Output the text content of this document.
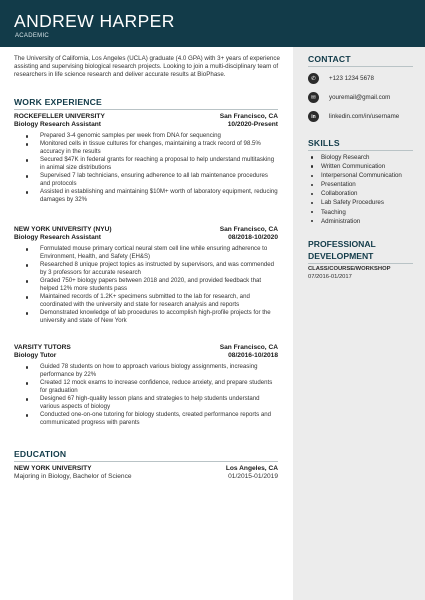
ANDREW HARPER
ACADEMIC
The University of California, Los Angeles (UCLA) graduate (4.0 GPA) with 3+ years of experience assisting and supervising biological research projects. Looking to join a multi-disciplinary team of researchers in life science research and deliver accurate results at BioPhase.
WORK EXPERIENCE
ROCKEFELLER UNIVERSITY	San Francisco, CA
Biology Research Assistant	10/2020-Present
Prepared 3-4 genomic samples per week from DNA for sequencing
Monitored cells in tissue cultures for changes, maintaining a track record of 98.5% accuracy in the results
Secured $47K in federal grants for reaching a proposal to help understand multitasking in animal size distributions
Supervised 7 lab technicians, ensuring adherence to all lab maintenance procedures and protocols
Assisted in establishing and maintaining $10M+ worth of laboratory equipment, reducing damages by 32%
NEW YORK UNIVERSITY (NYU)	San Francisco, CA
Biology Research Assistant	08/2018-10/2020
Formulated mouse primary cortical neural stem cell line while ensuring adherence to Environment, Health, and Safety (EH&S)
Researched 8 unique project topics as instructed by supervisors, and was commended by 3 professors for accurate research
Graded 750+ biology papers between 2018 and 2020, and provided feedback that helped 12% more students pass
Maintained records of 1.2K+ specimens submitted to the lab for research, and coordinated with the university and state for research analysis and reports
Demonstrated knowledge of lab procedures to accomplish high-profile projects for the university and state of New York
VARSITY TUTORS	San Francisco, CA
Biology Tutor	08/2016-10/2018
Guided 78 students on how to approach various biology assignments, increasing performance by 22%
Created 12 mock exams to increase confidence, reduce anxiety, and prepare students for graduation
Designed 67 high-quality lesson plans and strategies to help students understand various aspects of biology
Conducted one-on-one tutoring for biology students, created performance reports and communicated progress with parents
EDUCATION
NEW YORK UNIVERSITY	Los Angeles, CA
Majoring in Biology, Bachelor of Science	01/2015-01/2019
CONTACT
✆	+123 1234 5678
✉	youremail@gmail.com
in	linkedin.com/in/username
SKILLS
Biology Research
Written Communication
Interpersonal Communication
Presentation
Collaboration
Lab Safety Procedures
Teaching
Administration
PROFESSIONAL
DEVELOPMENT
CLASS/COURSE/WORKSHOP
07/2016-01/2017
